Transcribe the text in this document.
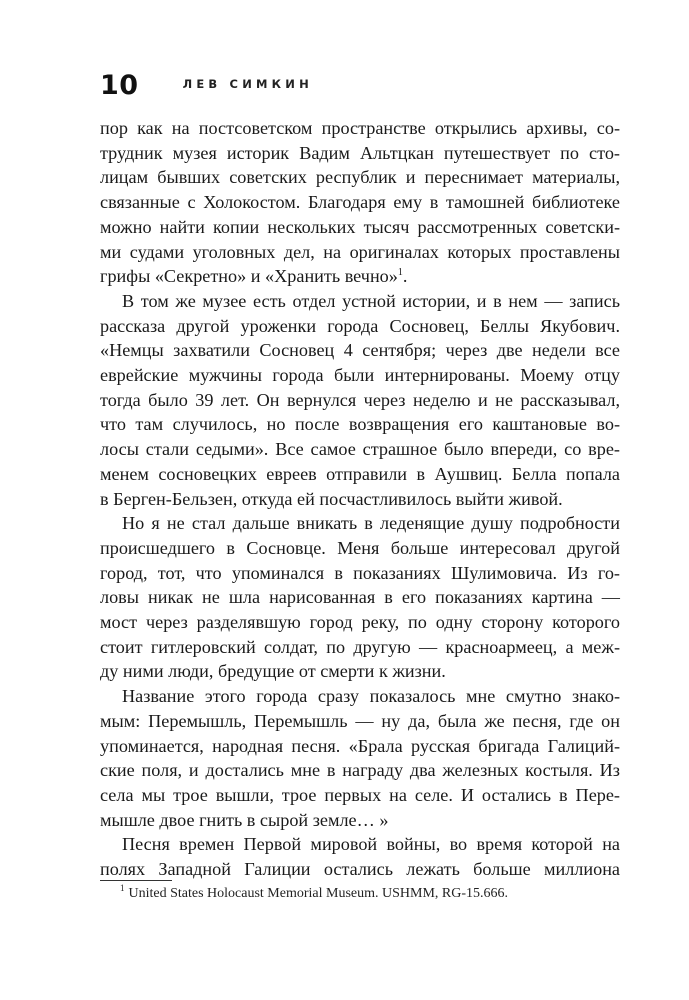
10	ЛЕВ СИМКИН

пор как на постсоветском пространстве открылись архивы, со-
трудник музея историк Вадим Альтцкан путешествует по сто-
лицам бывших советских республик и переснимает материалы,
связанные с Холокостом. Благодаря ему в тамошней библиотеке
можно найти копии нескольких тысяч рассмотренных советски-
ми судами уголовных дел, на оригиналах которых проставлены
грифы «Секретно» и «Хранить вечно»$^1$.

В том же музее есть отдел устной истории, и в нем — запись
рассказа другой уроженки города Сосновец, Беллы Якубович.
«Немцы захватили Сосновец 4 сентября; через две недели все
еврейские мужчины города были интернированы. Моему отцу
тогда было 39 лет. Он вернулся через неделю и не рассказывал,
что там случилось, но после возвращения его каштановые во-
лосы стали седыми». Все самое страшное было впереди, со вре-
менем сосновецких евреев отправили в Аушвиц. Белла попала
в Берген-Бельзен, откуда ей посчастливилось выйти живой.

Но я не стал дальше вникать в леденящие душу подробности
происшедшего в Сосновце. Меня больше интересовал другой
город, тот, что упоминался в показаниях Шулимовича. Из го-
ловы никак не шла нарисованная в его показаниях картина —
мост через разделявшую город реку, по одну сторону которого
стоит гитлеровский солдат, по другую — красноармеец, а меж-
ду ними люди, бредущие от смерти к жизни.

Название этого города сразу показалось мне смутно знако-
мым: Перемышль, Перемышль — ну да, была же песня, где он
упоминается, народная песня. «Брала русская бригада Галиций-
ские поля, и достались мне в награду два железных костыля. Из
села мы трое вышли, трое первых на селе. И остались в Пере-
мышле двое гнить в сырой земле… »

Песня времен Первой мировой войны, во время которой на
полях Западной Галиции остались лежать больше миллиона

$^1$ United States Holocaust Memorial Museum. USHMM, RG-15.666.
